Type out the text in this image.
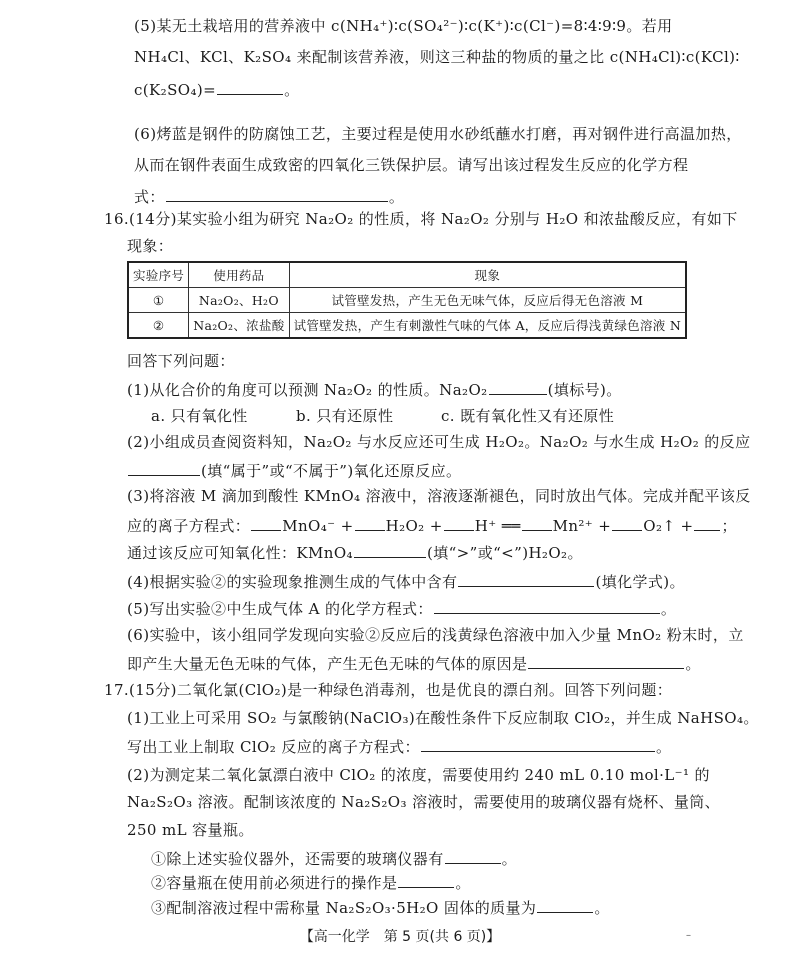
(5)某无土栽培用的营养液中 c(NH₄⁺)∶c(SO₄²⁻)∶c(K⁺)∶c(Cl⁻)=8∶4∶9∶9。若用
NH₄Cl、KCl、K₂SO₄ 来配制该营养液，则这三种盐的物质的量之比 c(NH₄Cl)∶c(KCl)∶
c(K₂SO₄)=	。
(6)烤蓝是钢件的防腐蚀工艺，主要过程是使用水砂纸蘸水打磨，再对钢件进行高温加热，
从而在钢件表面生成致密的四氧化三铁保护层。请写出该过程发生反应的化学方程
式：	。
16.(14分)某实验小组为研究 Na₂O₂ 的性质，将 Na₂O₂ 分别与 H₂O 和浓盐酸反应，有如下
现象：
实验序号	使用药品	现象
①	Na₂O₂、H₂O	试管壁发热，产生无色无味气体，反应后得无色溶液 M
②	Na₂O₂、浓盐酸	试管壁发热，产生有刺激性气味的气体 A，反应后得浅黄绿色溶液 N
回答下列问题：
(1)从化合价的角度可以预测 Na₂O₂ 的性质。Na₂O₂	(填标号)。
a. 只有氧化性	b. 只有还原性	c. 既有氧化性又有还原性
(2)小组成员查阅资料知，Na₂O₂ 与水反应还可生成 H₂O₂。Na₂O₂ 与水生成 H₂O₂ 的反应
(填“属于”或“不属于”)氧化还原反应。
(3)将溶液 M 滴加到酸性 KMnO₄ 溶液中，溶液逐渐褪色，同时放出气体。完成并配平该反
应的离子方程式： MnO₄⁻ + H₂O₂ + H⁺ ══ Mn²⁺ + O₂↑ + ；
通过该反应可知氧化性：KMnO₄	(填“>”或“<”)H₂O₂。
(4)根据实验②的实验现象推测生成的气体中含有	(填化学式)。
(5)写出实验②中生成气体 A 的化学方程式：	。
(6)实验中，该小组同学发现向实验②反应后的浅黄绿色溶液中加入少量 MnO₂ 粉末时，立
即产生大量无色无味的气体，产生无色无味的气体的原因是	。
17.(15分)二氧化氯(ClO₂)是一种绿色消毒剂，也是优良的漂白剂。回答下列问题：
(1)工业上可采用 SO₂ 与氯酸钠(NaClO₃)在酸性条件下反应制取 ClO₂，并生成 NaHSO₄。
写出工业上制取 ClO₂ 反应的离子方程式：	。
(2)为测定某二氧化氯漂白液中 ClO₂ 的浓度，需要使用约 240 mL 0.10 mol·L⁻¹ 的
Na₂S₂O₃ 溶液。配制该浓度的 Na₂S₂O₃ 溶液时，需要使用的玻璃仪器有烧杯、量筒、
250 mL 容量瓶。
①除上述实验仪器外，还需要的玻璃仪器有	。
②容量瓶在使用前必须进行的操作是	。
③配制溶液过程中需称量 Na₂S₂O₃·5H₂O 固体的质量为	。
【高一化学　第 5 页(共 6 页)】	–
